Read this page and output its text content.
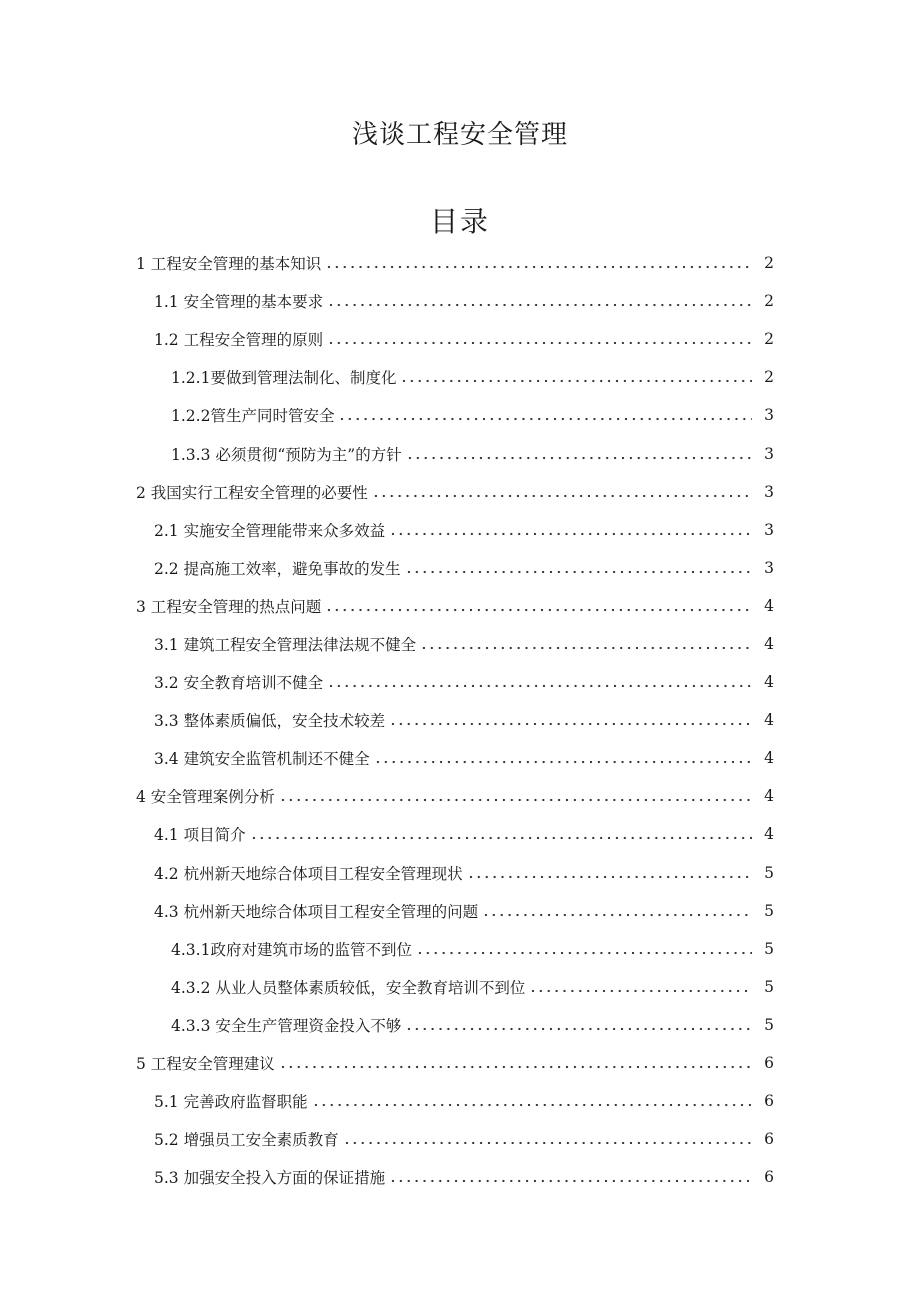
浅谈工程安全管理
目录
1 工程安全管理的基本知识	2
1.1 安全管理的基本要求	2
1.2 工程安全管理的原则	2
1.2.1要做到管理法制化、制度化	2
1.2.2管生产同时管安全	3
1.3.3 必须贯彻“预防为主”的方针	3
2 我国实行工程安全管理的必要性	3
2.1 实施安全管理能带来众多效益	3
2.2 提高施工效率，避免事故的发生	3
3 工程安全管理的热点问题	4
3.1 建筑工程安全管理法律法规不健全	4
3.2 安全教育培训不健全	4
3.3 整体素质偏低，安全技术较差	4
3.4 建筑安全监管机制还不健全	4
4 安全管理案例分析	4
4.1 项目简介	4
4.2 杭州新天地综合体项目工程安全管理现状	5
4.3 杭州新天地综合体项目工程安全管理的问题	5
4.3.1政府对建筑市场的监管不到位	5
4.3.2 从业人员整体素质较低，安全教育培训不到位	5
4.3.3 安全生产管理资金投入不够	5
5 工程安全管理建议	6
5.1 完善政府监督职能	6
5.2 增强员工安全素质教育	6
5.3 加强安全投入方面的保证措施	6
